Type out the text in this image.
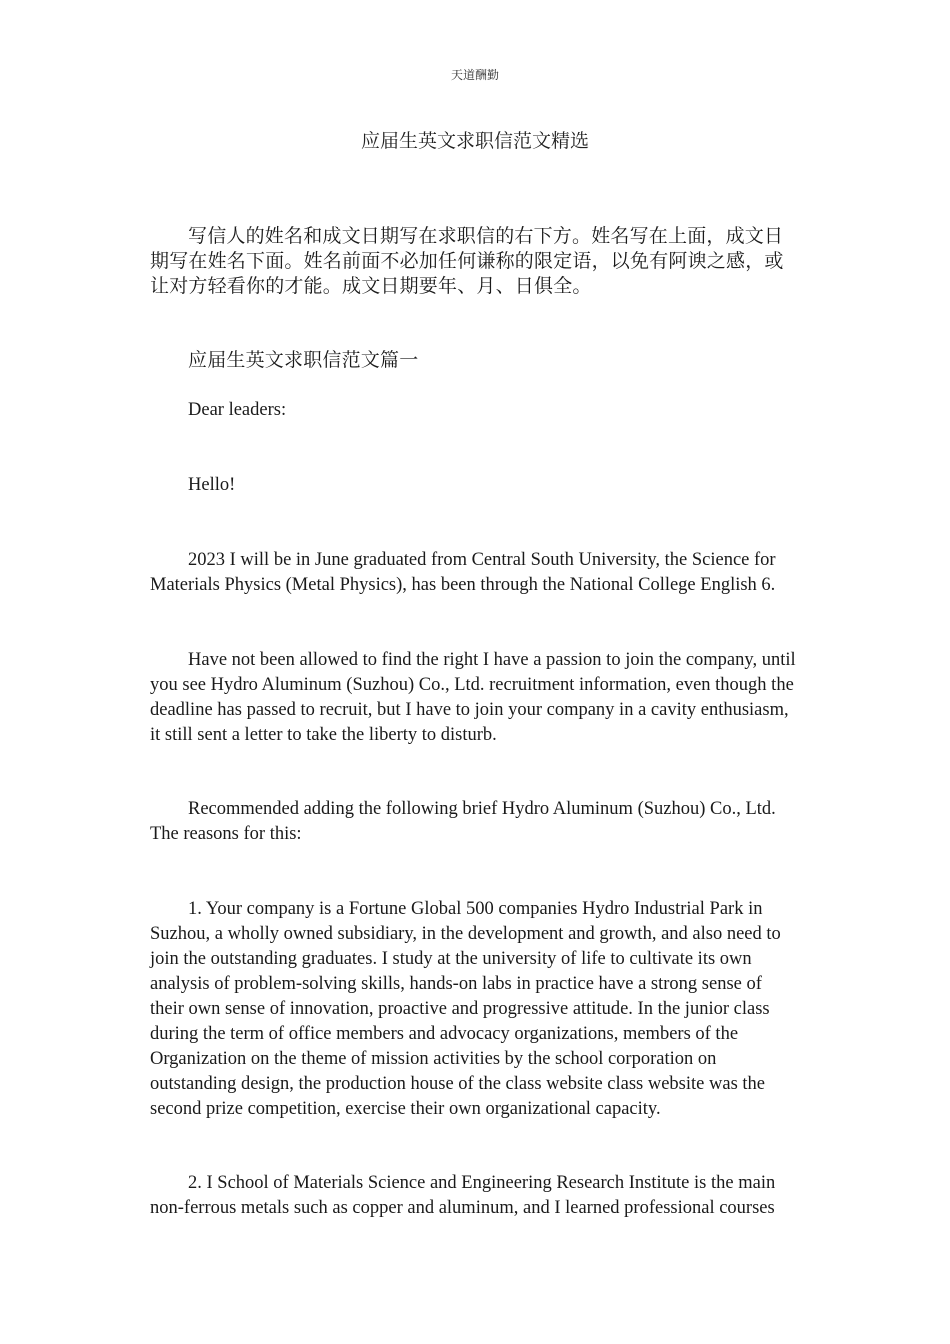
天道酬勤
应届生英文求职信范文精选

写信人的姓名和成文日期写在求职信的右下方。姓名写在上面，成文日期写在姓名下面。姓名前面不必加任何谦称的限定语，以免有阿谀之感，或让对方轻看你的才能。成文日期要年、月、日俱全。

应届生英文求职信范文篇一

Dear leaders:

Hello!

2023 I will be in June graduated from Central South University, the Science for Materials Physics (Metal Physics), has been through the National College English 6.

Have not been allowed to find the right I have a passion to join the company, until you see Hydro Aluminum (Suzhou) Co., Ltd. recruitment information, even though the deadline has passed to recruit, but I have to join your company in a cavity enthusiasm, it still sent a letter to take the liberty to disturb.

Recommended adding the following brief Hydro Aluminum (Suzhou) Co., Ltd. The reasons for this:

1. Your company is a Fortune Global 500 companies Hydro Industrial Park in Suzhou, a wholly owned subsidiary, in the development and growth, and also need to join the outstanding graduates. I study at the university of life to cultivate its own analysis of problem-solving skills, hands-on labs in practice have a strong sense of their own sense of innovation, proactive and progressive attitude. In the junior class during the term of office members and advocacy organizations, members of the Organization on the theme of mission activities by the school corporation on outstanding design, the production house of the class website class website was the second prize competition, exercise their own organizational capacity.

2. I School of Materials Science and Engineering Research Institute is the main non-ferrous metals such as copper and aluminum, and I learned professional courses
